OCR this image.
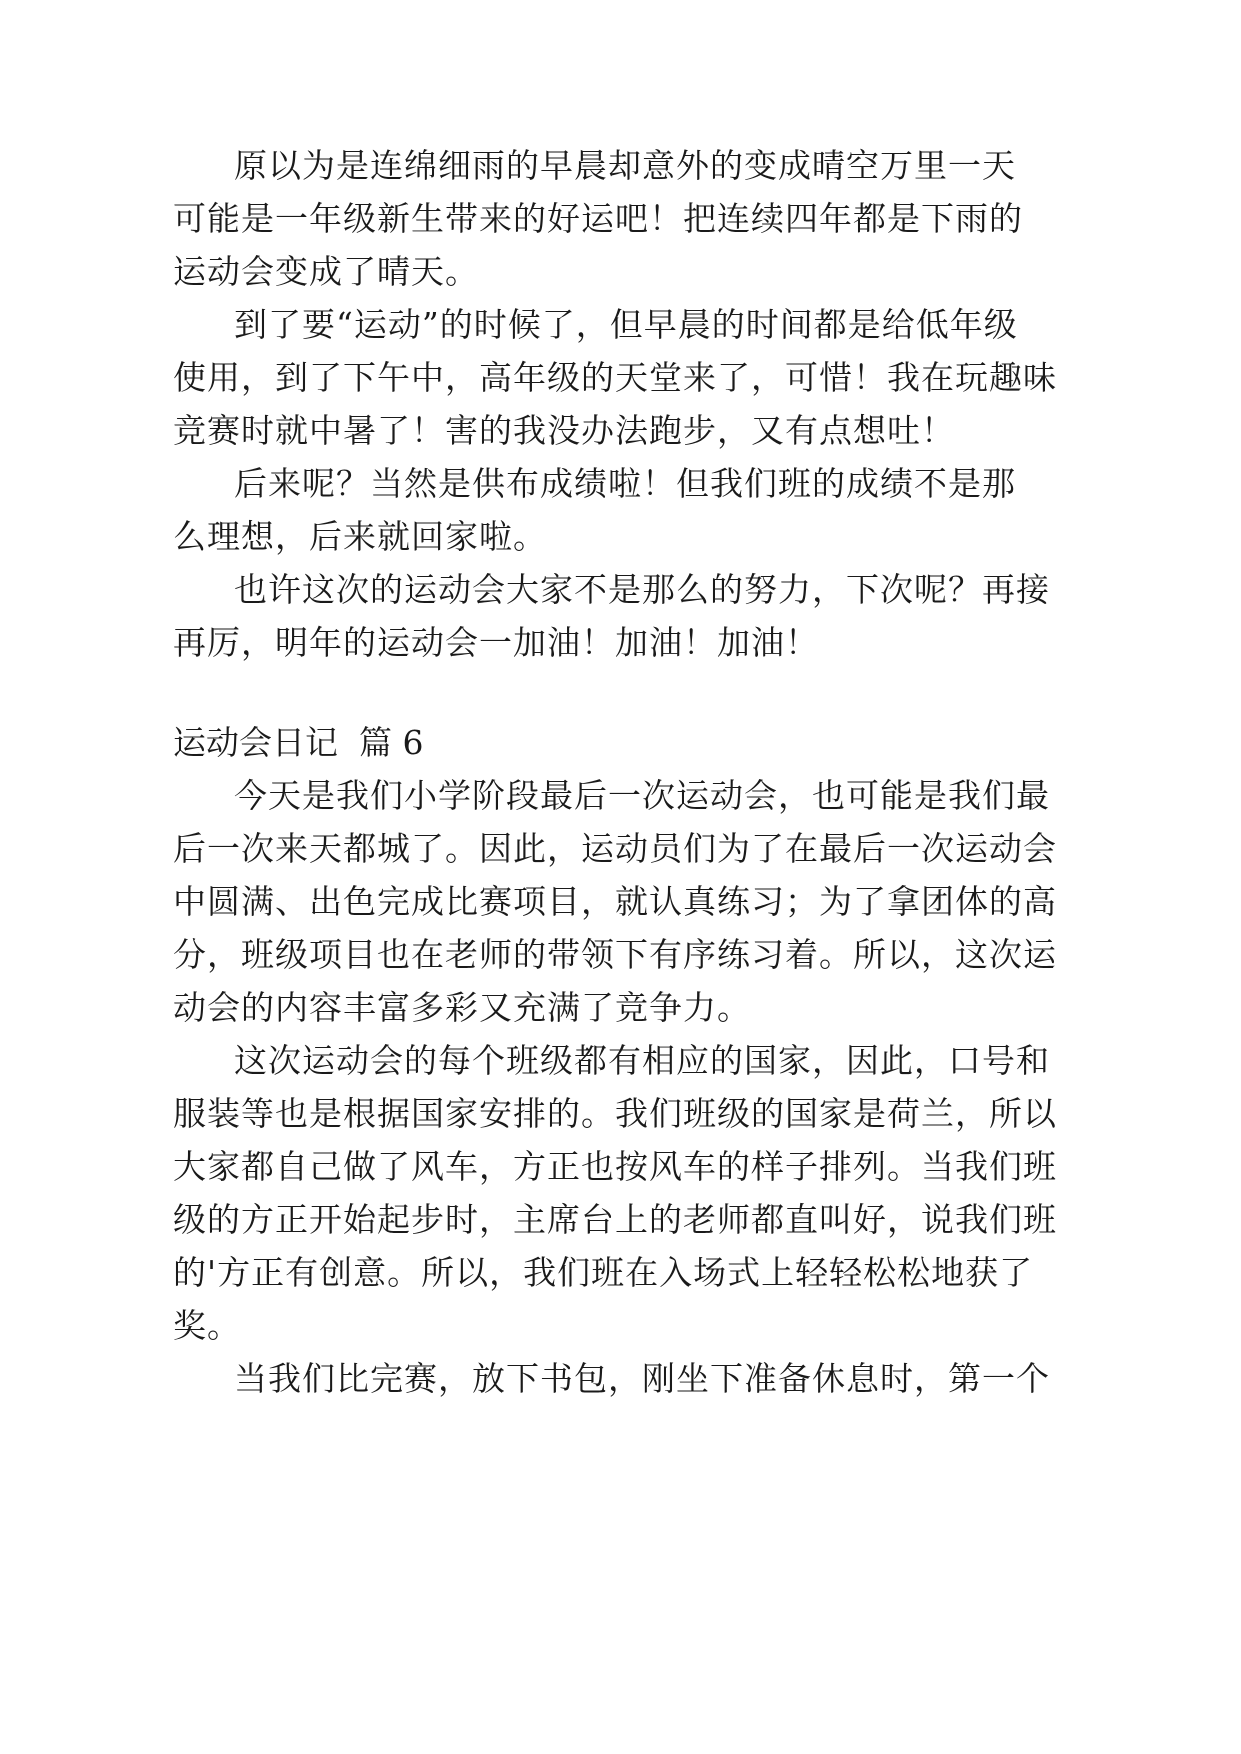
原以为是连绵细雨的早晨却意外的变成晴空万里一天
可能是一年级新生带来的好运吧！把连续四年都是下雨的
运动会变成了晴天。
到了要“运动”的时候了，但早晨的时间都是给低年级
使用，到了下午中，高年级的天堂来了，可惜！我在玩趣味
竞赛时就中暑了！害的我没办法跑步，又有点想吐！
后来呢？当然是供布成绩啦！但我们班的成绩不是那
么理想，后来就回家啦。
也许这次的运动会大家不是那么的努力，下次呢？再接
再厉，明年的运动会一加油！加油！加油！
运动会日记  篇 6
今天是我们小学阶段最后一次运动会，也可能是我们最
后一次来天都城了。因此，运动员们为了在最后一次运动会
中圆满、出色完成比赛项目，就认真练习；为了拿团体的高
分，班级项目也在老师的带领下有序练习着。所以，这次运
动会的内容丰富多彩又充满了竞争力。
这次运动会的每个班级都有相应的国家，因此，口号和
服装等也是根据国家安排的。我们班级的国家是荷兰，所以
大家都自己做了风车，方正也按风车的样子排列。当我们班
级的方正开始起步时，主席台上的老师都直叫好，说我们班
的'方正有创意。所以，我们班在入场式上轻轻松松地获了
奖。
当我们比完赛，放下书包，刚坐下准备休息时，第一个
